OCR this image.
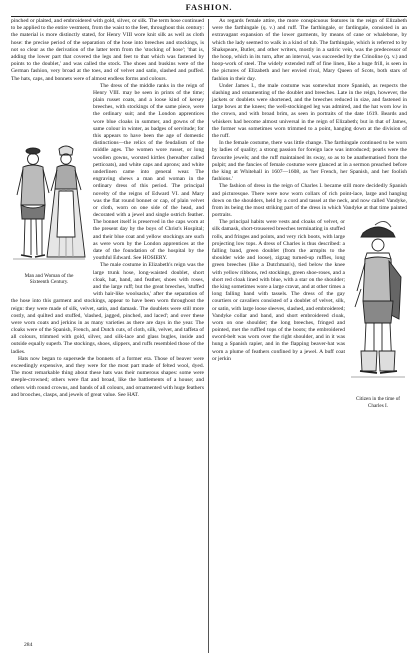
FASHION.

pinched or plaited, and embroidered with gold, silver, or silk. The term hose continued to be applied to the entire vestment, from the waist to the feet, throughout this century: the material is more distinctly stated, for Henry VIII wore knit silk as well as cloth hose: the precise period of the separation of the hose into breeches and stockings, is not so clear as the derivation of the latter term from the 'stocking of hose'; 'that is, adding the lower part that covered the legs and feet to that which was fastened by points to the doublet,' and was called the stock. The shoes and buskins were of the German fashion, very broad at the toes, and of velvet and satin, slashed and puffed. The hats, caps, and bonnets were of almost endless forms and colours.

Man and Woman of the
Sixteenth Century.

The dress of the middle ranks in the reign of Henry VIII. may be seen in prints of the time; plain russet coats, and a loose kind of kersey breeches, with stockings of the same piece, were the ordinary suit; and the London apprentices wore blue cloaks in summer, and gowns of the same colour in winter, as badges of servitude; for this appears to have been the age of domestic distinctions—the relics of the feudalism of the middle ages. The women wore russet, or long woollen gowns, worsted kirtles (hereafter called petticoats), and white caps and aprons; and white underlinen came into general wear. The engraving shews a man and woman in the ordinary dress of this period. The principal novelty of the reigns of Edward VI. and Mary was the flat round bonnet or cap, of plain velvet or cloth, worn on one side of the head, and decorated with a jewel and single ostrich feather. The bonnet itself is preserved in the caps worn at the present day by the boys of Christ's Hospital; and their blue coat and yellow stockings are such as were worn by the London apprentices at the date of the foundation of the hospital by the youthful Edward. See HOSIERY.

The male costume in Elizabeth's reign was the large trunk hose, long-waisted doublet, short cloak, hat, band, and feather, shoes with roses, and the large ruff; but the great breeches, 'stuffed with hair-like woolsacks,' after the separation of the hose into this garment and stockings, appear to have been worn throughout the reign: they were made of silk, velvet, satin, and damask. The doublets were still more costly, and quilted and stuffed, 'slashed, jagged, pinched, and laced'; and over these were worn coats and jerkins in as many varieties as there are days in the year. The cloaks were of the Spanish, French, and Dutch cuts, of cloth, silk, velvet, and taffeta of all colours, trimmed with gold, silver, and silk-lace and glass bugles, inside and outside equally superb. The stockings, shoes, slippers, and ruffs resembled those of the ladies.

Hats now began to supersede the bonnets of a former era. Those of beaver were exceedingly expensive, and they were for the most part made of felted wool, dyed. The most remarkable thing about these hats was their numerous shapes: some were steeple-crowned; others were flat and broad, like the battlements of a house; and others with round crowns, and bands of all colours, and ornamented with huge feathers and brooches, clasps, and jewels of great value. See HAT.

As regards female attire, the more conspicuous features in the reign of Elizabeth were the farthingale (q. v.) and ruff. The farthingale, or fardingale, consisted in an extravagant expansion of the lower garments, by means of cane or whalebone, by which the lady seemed to walk in a kind of tub. The farthingale, which is referred to by Shakspeare, Butler, and other writers, mostly in a satiric vein, was the predecessor of the hoop, which in its turn, after an interval, was succeeded by the Crinoline (q. v.) and hoop-work of steel. The widely extended ruff of fine linen, like a huge frill, is seen in the pictures of Elizabeth and her envied rival, Mary Queen of Scots, both stars of fashion in their day.

Under James I., the male costume was somewhat more Spanish, as respects the slashing and ornamenting of the doublet and breeches. Late in the reign, however, the jackets or doublets were shortened, and the breeches reduced in size, and fastened in large bows at the knees; the well-stockinged leg was admired, and the hat worn low in the crown, and with broad brim, as seen in portraits of the date 1619. Beards and whiskers had become almost universal in the reign of Elizabeth; but in that of James, the former was sometimes worn trimmed to a point, hanging down at the division of the ruff.

In the female costume, there was little change. The farthingale continued to be worn by ladies of quality; a strong passion for foreign lace was introduced; pearls were the favourite jewels; and the ruff maintained its sway, so as to be anathematised from the pulpit; and the fancies of female costume were glanced at in a sermon preached before the king at Whitehall in 1607—1608, as 'her French, her Spanish, and her foolish fashions.'

The fashion of dress in the reign of Charles I. became still more decidedly Spanish and picturesque. There were now worn collars of rich point-lace, large and hanging down on the shoulders, held by a cord and tassel at the neck, and now called Vandyke, from its being the most striking part of the dress in which Vandyke at that time painted portraits.

Citizen in the time of
Charles I.

The principal habits were vests and cloaks of velvet, or silk damask, short-trousered breeches terminating in stuffed rolls, and fringes and points, and very rich boots, with large projecting low tops. A dress of Charles is thus described: a falling band, green doublet (from the armpits to the shoulder wide and loose), zigzag turned-up ruffles, long green breeches (like a Dutchman's), tied below the knee with yellow ribbons, red stockings, green shoe-roses, and a short red cloak lined with blue, with a star on the shoulder; the king sometimes wore a large cravat, and at other times a long falling band with tassels. The dress of the gay courtiers or cavaliers consisted of a doublet of velvet, silk, or satin, with large loose sleeves, slashed, and embroidered; Vandyke collar and band, and short embroidered cloak, worn on one shoulder; the long breeches, fringed and pointed, met the ruffled tops of the boots; the embroidered sword-belt was worn over the right shoulder, and in it was hung a Spanish rapier, and in the flapping beaver-hat was worn a plume of feathers confined by a jewel. A buff coat or jerkin

284
